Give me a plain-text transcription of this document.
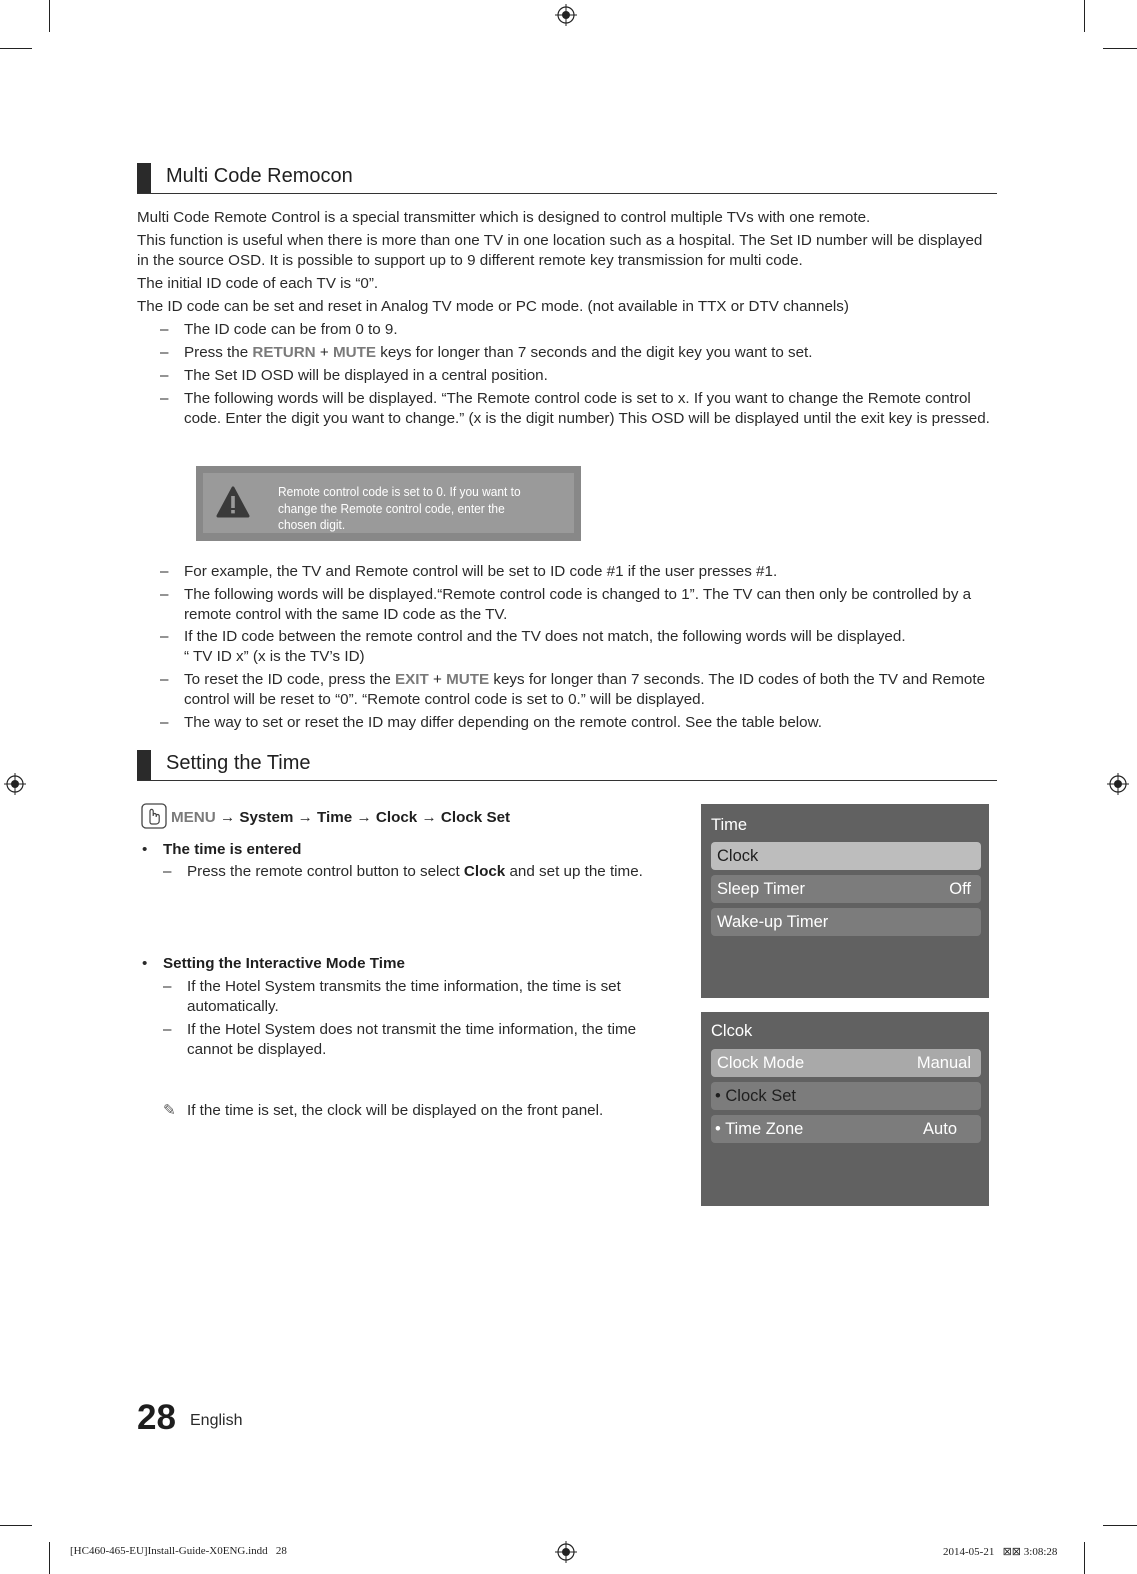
Multi Code Remocon
Multi Code Remote Control is a special transmitter which is designed to control multiple TVs with one remote.
This function is useful when there is more than one TV in one location such as a hospital. The Set ID number will be displayed in the source OSD. It is possible to support up to 9 different remote key transmission for multi code.
The initial ID code of each TV is “0”.
The ID code can be set and reset in Analog TV mode or PC mode. (not available in TTX or DTV channels)
– The ID code can be from 0 to 9.
– Press the RETURN + MUTE keys for longer than 7 seconds and the digit key you want to set.
– The Set ID OSD will be displayed in a central position.
– The following words will be displayed. “The Remote control code is set to x. If you want to change the Remote control code. Enter the digit you want to change.” (x is the digit number) This OSD will be displayed until the exit key is pressed.
Remote control code is set to 0. If you want to change the Remote control code, enter the chosen digit.
– For example, the TV and Remote control will be set to ID code #1 if the user presses #1.
– The following words will be displayed.“Remote control code is changed to 1”. The TV can then only be controlled by a remote control with the same ID code as the TV.
– If the ID code between the remote control and the TV does not match, the following words will be displayed.
“ TV ID x” (x is the TV’s ID)
– To reset the ID code, press the EXIT + MUTE keys for longer than 7 seconds. The ID codes of both the TV and Remote control will be reset to “0”. “Remote control code is set to 0.” will be displayed.
– The way to set or reset the ID may differ depending on the remote control. See the table below.
Setting the Time
MENU → System → Time → Clock → Clock Set
• The time is entered
– Press the remote control button to select Clock and set up the time.
• Setting the Interactive Mode Time
– If the Hotel System transmits the time information, the time is set automatically.
– If the Hotel System does not transmit the time information, the time cannot be displayed.
✎ If the time is set, the clock will be displayed on the front panel.
Time
Clock
Sleep Timer	Off
Wake-up Timer
Clcok
Clock Mode	Manual
• Clock Set
• Time Zone	Auto
28 English
[HC460-465-EU]Install-Guide-X0ENG.indd   28	2014-05-21   ⊠⊠ 3:08:28
